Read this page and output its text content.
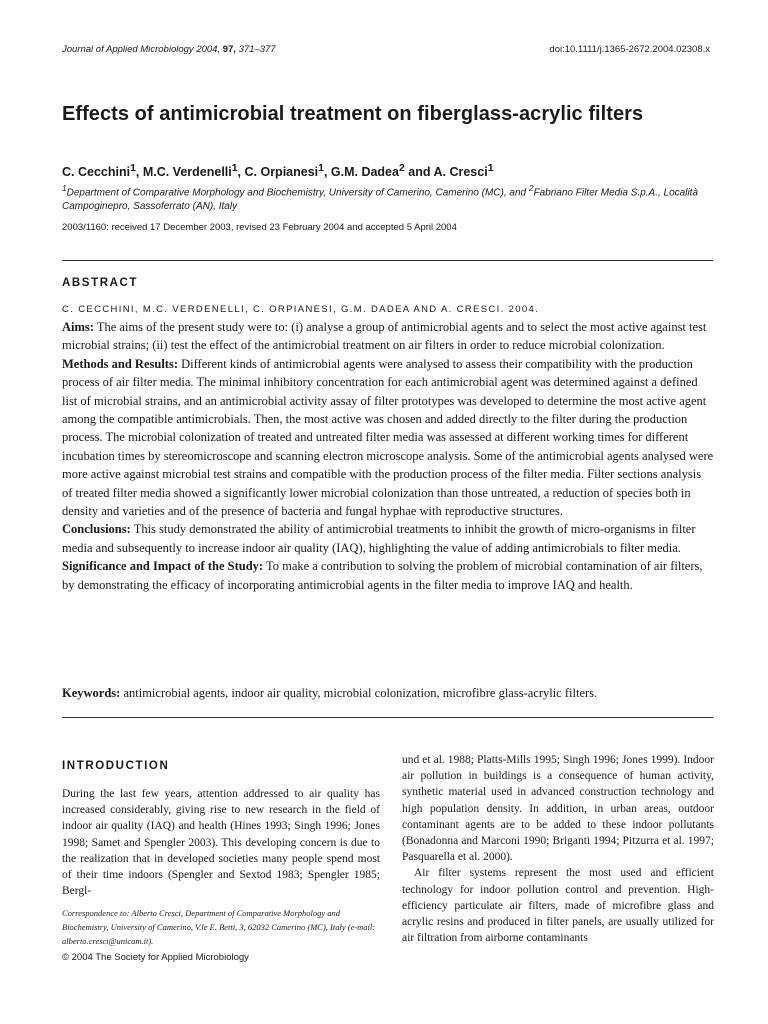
Journal of Applied Microbiology 2004, 97, 371–377	doi:10.1111/j.1365-2672.2004.02308.x
Effects of antimicrobial treatment on fiberglass-acrylic filters
C. Cecchini$^1$, M.C. Verdenelli$^1$, C. Orpianesi$^1$, G.M. Dadea$^2$ and A. Cresci$^1$
$^1$Department of Comparative Morphology and Biochemistry, University of Camerino, Camerino (MC), and $^2$Fabriano Filter Media S.p.A., Località Campoginepro, Sassoferrato (AN), Italy
2003/1160: received 17 December 2003, revised 23 February 2004 and accepted 5 April 2004
ABSTRACT
C. CECCHINI, M.C. VERDENELLI, C. ORPIANESI, G.M. DADEA AND A. CRESCI. 2004.

Aims: The aims of the present study were to: (i) analyse a group of antimicrobial agents and to select the most active against test microbial strains; (ii) test the effect of the antimicrobial treatment on air filters in order to reduce microbial colonization.

Methods and Results: Different kinds of antimicrobial agents were analysed to assess their compatibility with the production process of air filter media. The minimal inhibitory concentration for each antimicrobial agent was determined against a defined list of microbial strains, and an antimicrobial activity assay of filter prototypes was developed to determine the most active agent among the compatible antimicrobials. Then, the most active was chosen and added directly to the filter during the production process. The microbial colonization of treated and untreated filter media was assessed at different working times for different incubation times by stereomicroscope and scanning electron microscope analysis. Some of the antimicrobial agents analysed were more active against microbial test strains and compatible with the production process of the filter media. Filter sections analysis of treated filter media showed a significantly lower microbial colonization than those untreated, a reduction of species both in density and varieties and of the presence of bacteria and fungal hyphae with reproductive structures.

Conclusions: This study demonstrated the ability of antimicrobial treatments to inhibit the growth of micro-organisms in filter media and subsequently to increase indoor air quality (IAQ), highlighting the value of adding antimicrobials to filter media.

Significance and Impact of the Study: To make a contribution to solving the problem of microbial contamination of air filters, by demonstrating the efficacy of incorporating antimicrobial agents in the filter media to improve IAQ and health.

Keywords: antimicrobial agents, indoor air quality, microbial colonization, microfibre glass-acrylic filters.
INTRODUCTION
During the last few years, attention addressed to air quality has increased considerably, giving rise to new research in the field of indoor air quality (IAQ) and health (Hines 1993; Singh 1996; Jones 1998; Samet and Spengler 2003). This developing concern is due to the realization that in developed societies many people spend most of their time indoors (Spengler and Sextod 1983; Spengler 1985; Bergl-
Correspondence to: Alberto Cresci, Department of Comparative Morphology and Biochemistry, University of Camerino, V.le E. Betti, 3, 62032 Camerino (MC), Italy (e-mail: alberto.cresci@unicam.it).
© 2004 The Society for Applied Microbiology

und et al. 1988; Platts-Mills 1995; Singh 1996; Jones 1999). Indoor air pollution in buildings is a consequence of human activity, synthetic material used in advanced construction technology and high population density. In addition, in urban areas, outdoor contaminant agents are to be added to these indoor pollutants (Bonadonna and Marconi 1990; Briganti 1994; Pitzurra et al. 1997; Pasquarella et al. 2000).

Air filter systems represent the most used and efficient technology for indoor pollution control and prevention. High-efficiency particulate air filters, made of microfibre glass and acrylic resins and produced in filter panels, are usually utilized for air filtration from airborne contaminants
